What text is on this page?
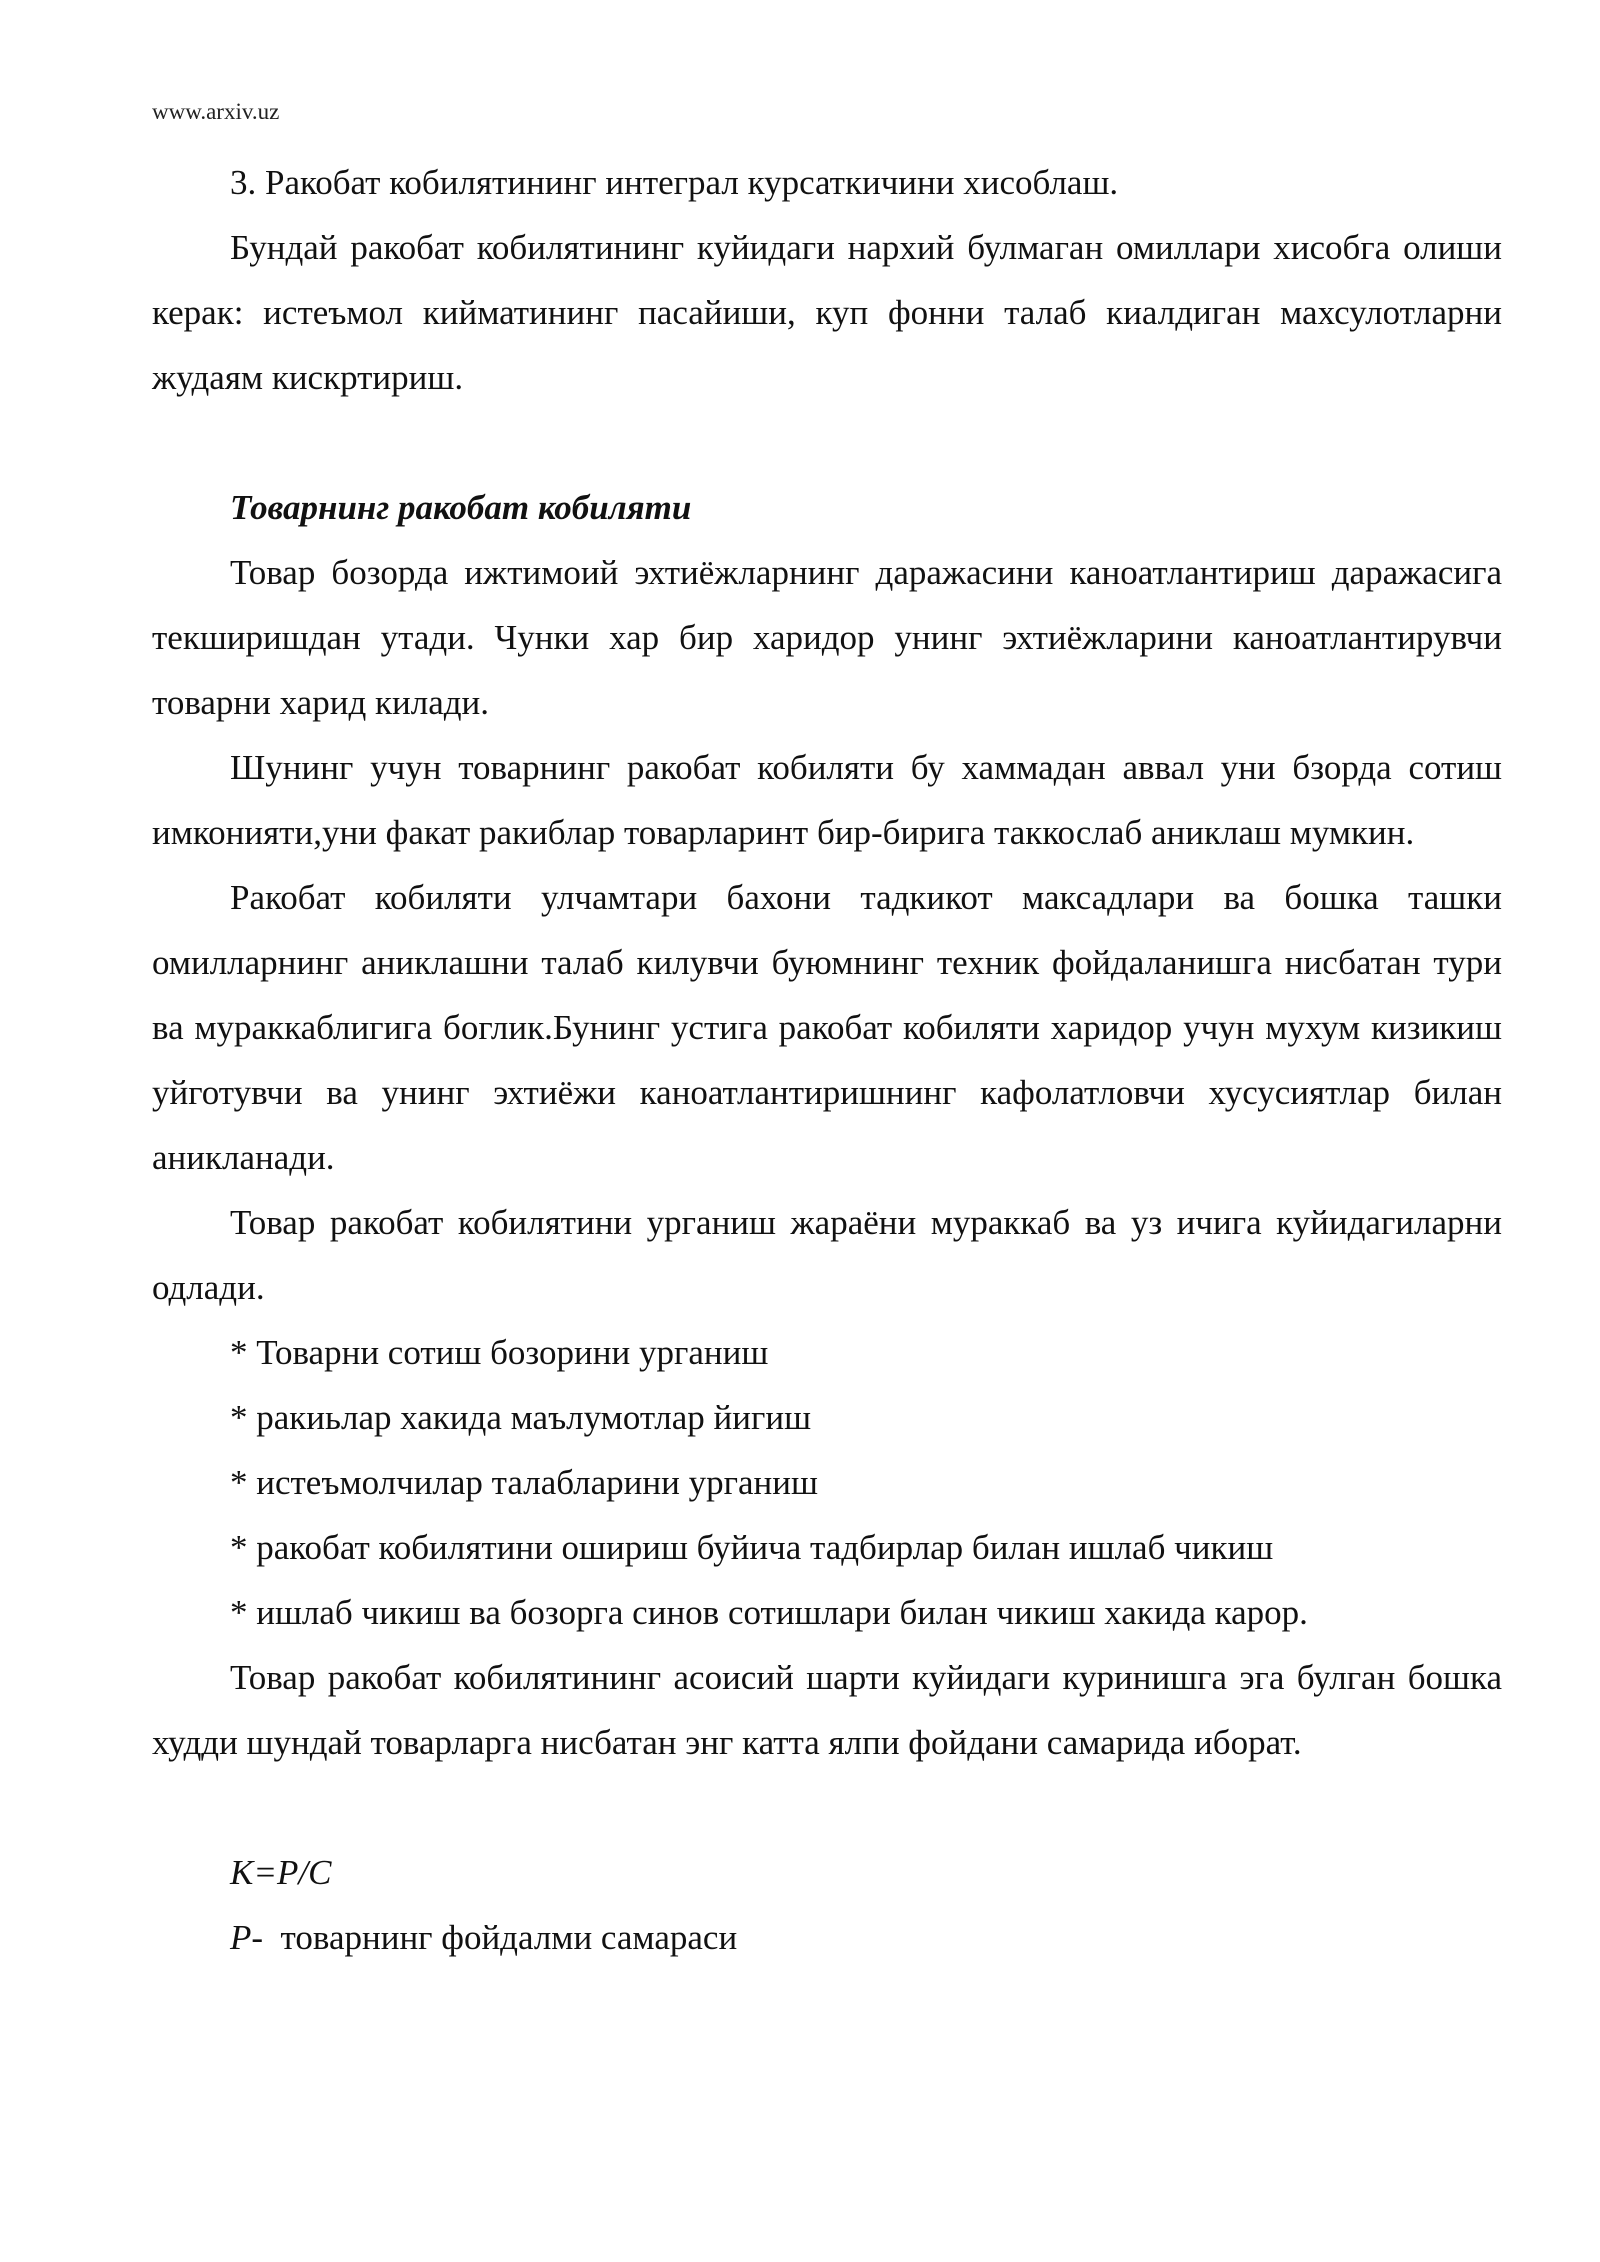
www.arxiv.uz

3. Ракобат кобилятининг интеграл курсаткичини хисоблаш.

Бундай ракобат кобилятининг куйидаги нархий булмаган омиллари хисобга олиши керак: истеъмол кийматининг пасайиши, куп фонни талаб киалдиган махсулотларни жудаям кискртириш.

Товарнинг ракобат кобиляти

Товар бозорда ижтимоий эхтиёжларнинг даражасини каноатлантириш даражасига текширишдан утади. Чунки хар бир харидор унинг эхтиёжларини каноатлантирувчи товарни харид килади.

Шунинг учун товарнинг ракобат кобиляти бу хаммадан аввал уни бзорда сотиш имконияти,уни факат ракиблар товарларинт бир-бирига таккослаб аниклаш мумкин.

Ракобат кобиляти улчамтари бахони тадкикот максадлари ва бошка ташки омилларнинг аниклашни талаб килувчи буюмнинг техник фойдаланишга нисбатан тури ва мураккаблигига боглик.Бунинг устига ракобат кобиляти харидор учун мухум кизикиш уйготувчи ва унинг эхтиёжи каноатлантиришнинг кафолатловчи хусусиятлар билан аникланади.

Товар ракобат кобилятини урганиш жараёни мураккаб ва уз ичига куйидагиларни одлади.

* Товарни сотиш бозорини урганиш

* ракиьлар хакида маълумотлар йигиш

* истеъмолчилар талабларини урганиш

* ракобат кобилятини ошириш буйича тадбирлар билан ишлаб чикиш

* ишлаб чикиш ва бозорга синов сотишлари билан чикиш хакида карор.

Товар ракобат кобилятининг асоисий шарти куйидаги куринишга эга булган бошка худди шундай товарларга нисбатан энг катта ялпи фойдани самарида иборат.

K=P/C

P-  товарнинг фойдалми самараси
